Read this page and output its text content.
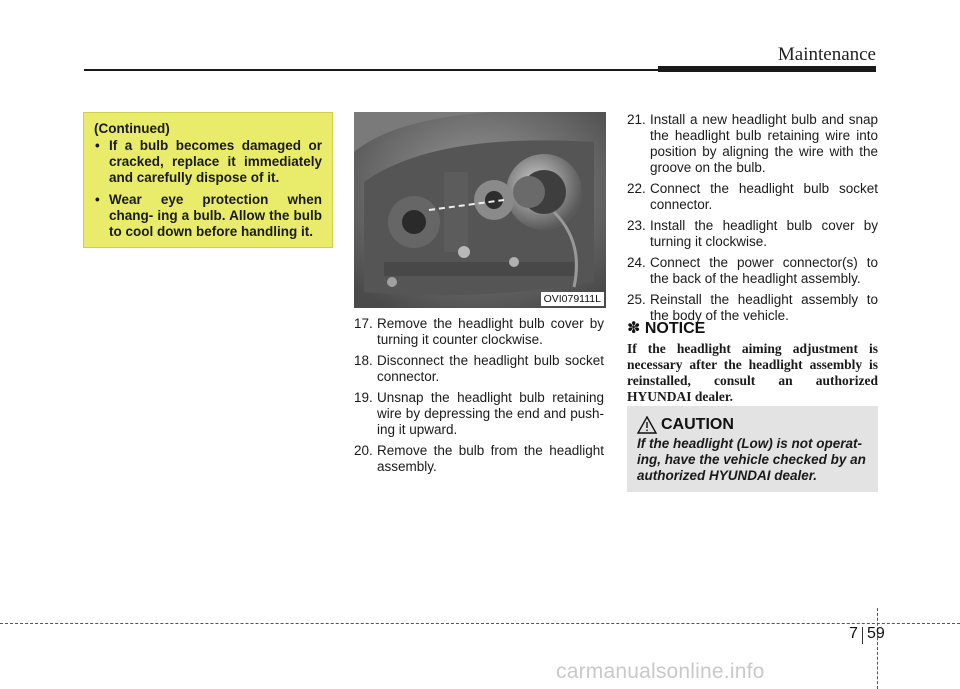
Maintenance
(Continued)
• If a bulb becomes damaged or cracked, replace it immediately and carefully dispose of it.
• Wear eye protection when chang- ing a bulb. Allow the bulb to cool down before handling it.
OVI079111L
17. Remove the headlight bulb cover by turning it counter clockwise.
18. Disconnect the headlight bulb socket connector.
19. Unsnap the headlight bulb retaining wire by depressing the end and push- ing it upward.
20. Remove the bulb from the headlight assembly.
21. Install a new headlight bulb and snap the headlight bulb retaining wire into position by aligning the wire with the groove on the bulb.
22. Connect the headlight bulb socket connector.
23. Install the headlight bulb cover by turning it clockwise.
24. Connect the power connector(s) to the back of the headlight assembly.
25. Reinstall the headlight assembly to the body of the vehicle.
✽ NOTICE
If the headlight aiming adjustment is necessary after the headlight assembly is reinstalled, consult an authorized HYUNDAI dealer.
CAUTION
If the headlight (Low) is not operat- ing, have the vehicle checked by an authorized HYUNDAI dealer.
7 59
carmanualsonline.info
